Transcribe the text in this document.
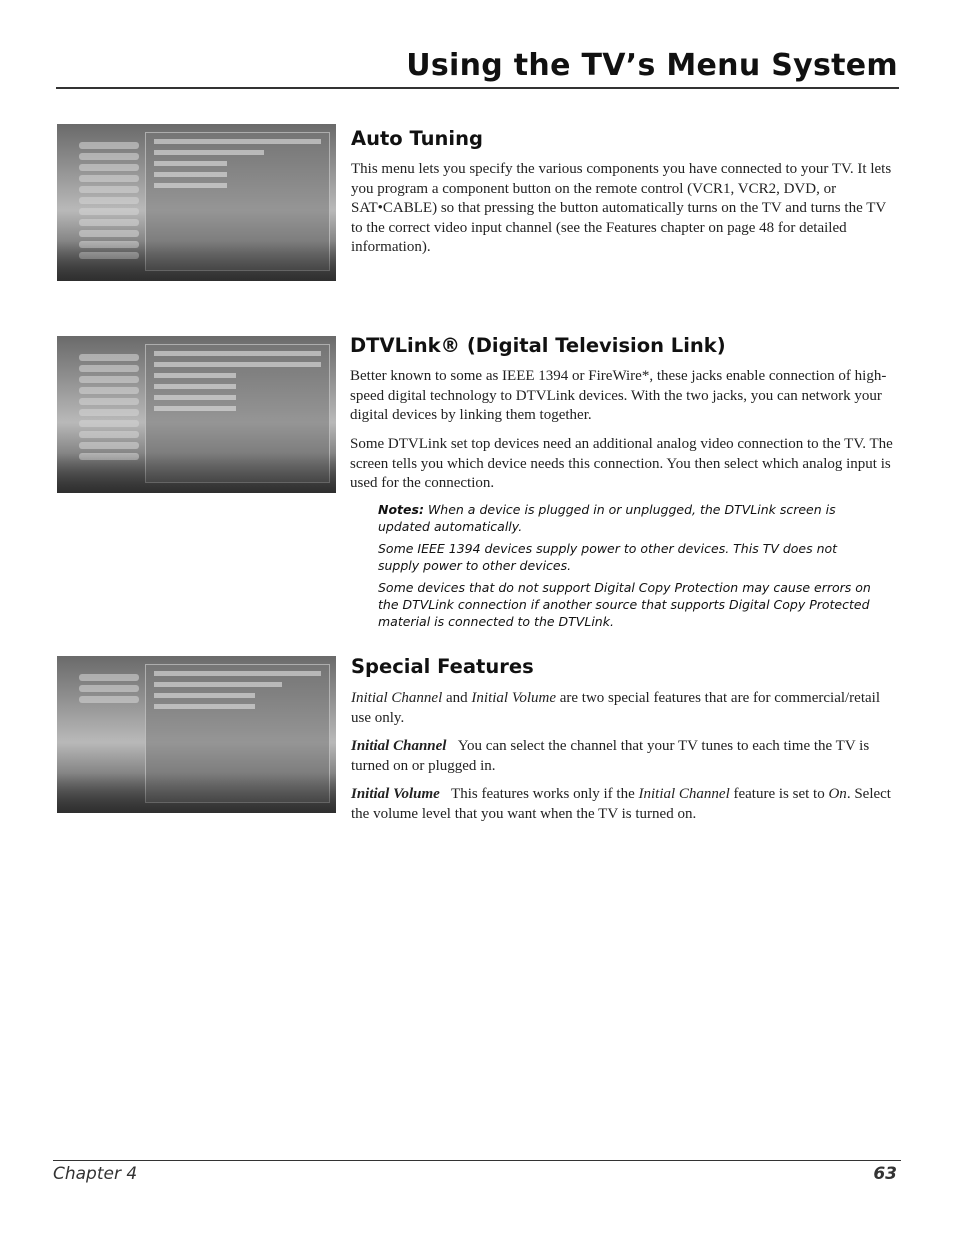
Using the TV’s Menu System
Auto Tuning

This menu lets you specify the various components you have connected to your TV. It lets you program a component button on the remote control (VCR1, VCR2, DVD, or SAT•CABLE) so that pressing the button automatically turns on the TV and turns the TV to the correct video input channel (see the Features chapter on page 48 for detailed information).

DTVLink® (Digital Television Link)

Better known to some as IEEE 1394 or FireWire*, these jacks enable connection of high-speed digital technology to DTVLink devices. With the two jacks, you can network your digital devices by linking them together.

Some DTVLink set top devices need an additional analog video connection to the TV. The screen tells you which device needs this connection. You then select which analog input is used for the connection.

Notes: When a device is plugged in or unplugged, the DTVLink screen is updated automatically.

Some IEEE 1394 devices supply power to other devices. This TV does not supply power to other devices.

Some devices that do not support Digital Copy Protection may cause errors on the DTVLink connection if another source that supports Digital Copy Protected material is connected to the DTVLink.

Special Features

Initial Channel and Initial Volume are two special features that are for commercial/retail use only.

Initial Channel You can select the channel that your TV tunes to each time the TV is turned on or plugged in.

Initial Volume This features works only if the Initial Channel feature is set to On. Select the volume level that you want when the TV is turned on.

Chapter 4	63
